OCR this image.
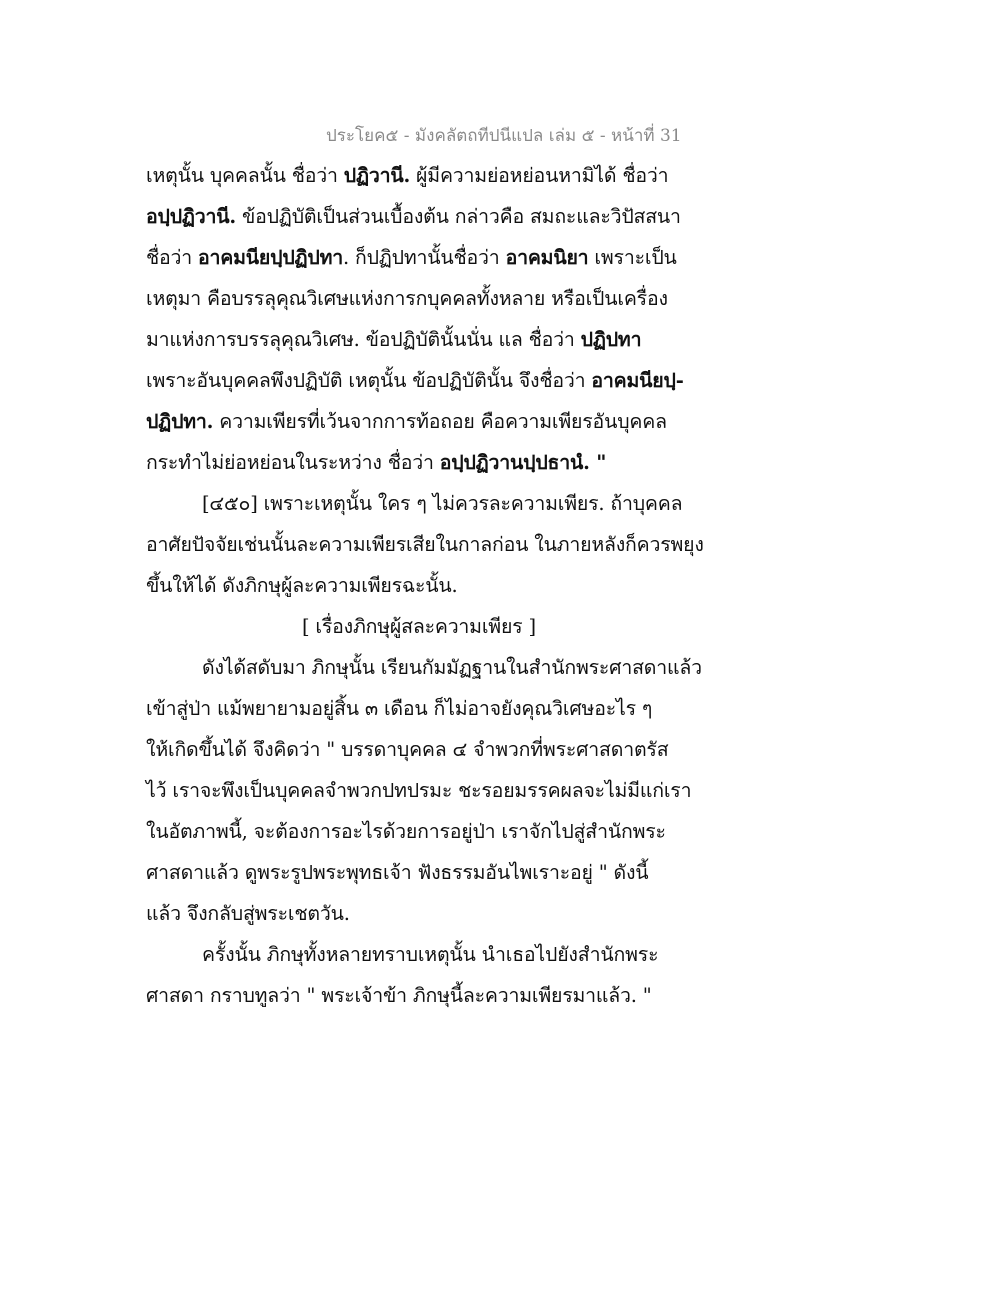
ประโยค๕ - มังคลัตถทีปนีแปล เล่ม ๕ - หน้าที่ 31
เหตุนั้น บุคคลนั้น ชื่อว่า ปฏิวานี. ผู้มีความย่อหย่อนหามิได้ ชื่อว่า
อปฺปฏิวานี. ข้อปฏิบัติเป็นส่วนเบื้องต้น กล่าวคือ สมถะและวิปัสสนา
ชื่อว่า อาคมนียปฺปฏิปทา. ก็ปฏิปทานั้นชื่อว่า อาคมนิยา เพราะเป็น
เหตุมา คือบรรลุคุณวิเศษแห่งการกบุคคลทั้งหลาย หรือเป็นเครื่อง
มาแห่งการบรรลุคุณวิเศษ. ข้อปฏิบัตินั้นนั่น แล ชื่อว่า ปฏิปทา
เพราะอันบุคคลพึงปฏิบัติ เหตุนั้น ข้อปฏิบัตินั้น จึงชื่อว่า อาคมนียปฺ-
ปฏิปทา. ความเพียรที่เว้นจากการท้อถอย คือความเพียรอันบุคคล
กระทำไม่ย่อหย่อนในระหว่าง ชื่อว่า อปฺปฏิวานปฺปธานํ. "
[๔๕๐] เพราะเหตุนั้น ใคร ๆ ไม่ควรละความเพียร. ถ้าบุคคล
อาศัยปัจจัยเช่นนั้นละความเพียรเสียในกาลก่อน ในภายหลังก็ควรพยุง
ขึ้นให้ได้ ดังภิกษุผู้ละความเพียรฉะนั้น.
[ เรื่องภิกษุผู้สละความเพียร ]
ดังได้สดับมา ภิกษุนั้น เรียนกัมมัฏฐานในสำนักพระศาสดาแล้ว
เข้าสู่ป่า แม้พยายามอยู่สิ้น ๓ เดือน ก็ไม่อาจยังคุณวิเศษอะไร ๆ
ให้เกิดขึ้นได้ จึงคิดว่า " บรรดาบุคคล ๔ จำพวกที่พระศาสดาตรัส
ไว้ เราจะพึงเป็นบุคคลจำพวกปทปรมะ ชะรอยมรรคผลจะไม่มีแก่เรา
ในอัตภาพนี้, จะต้องการอะไรด้วยการอยู่ป่า เราจักไปสู่สำนักพระ
ศาสดาแล้ว ดูพระรูปพระพุทธเจ้า ฟังธรรมอันไพเราะอยู่ " ดังนี้
แล้ว จึงกลับสู่พระเชตวัน.
ครั้งนั้น ภิกษุทั้งหลายทราบเหตุนั้น นำเธอไปยังสำนักพระ
ศาสดา กราบทูลว่า " พระเจ้าข้า ภิกษุนี้ละความเพียรมาแล้ว. "
